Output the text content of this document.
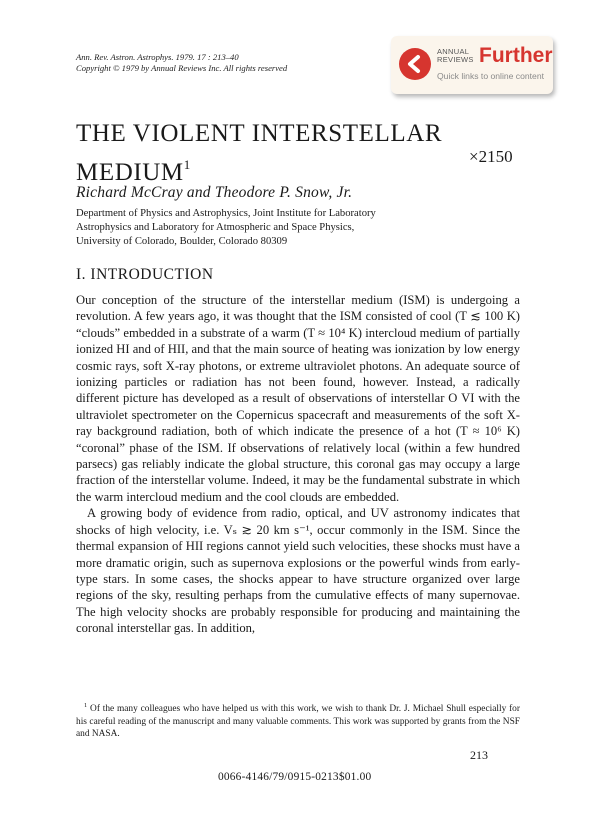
Ann. Rev. Astron. Astrophys. 1979. 17 : 213–40
Copyright © 1979 by Annual Reviews Inc. All rights reserved
ANNUAL
REVIEWS Further
Quick links to online content
THE VIOLENT INTERSTELLAR
$MEDIUM^1$	×2150
Richard McCray and Theodore P. Snow, Jr.
Department of Physics and Astrophysics, Joint Institute for Laboratory
Astrophysics and Laboratory for Atmospheric and Space Physics,
University of Colorado, Boulder, Colorado 80309
I. INTRODUCTION

Our conception of the structure of the interstellar medium (ISM) is undergoing a revolution. A few years ago, it was thought that the ISM consisted of cool (T ≲ 100 K) “clouds” embedded in a substrate of a warm (T ≈ 10⁴ K) intercloud medium of partially ionized HI and of HII, and that the main source of heating was ionization by low energy cosmic rays, soft X-ray photons, or extreme ultraviolet photons. An adequate source of ionizing particles or radiation has not been found, however. Instead, a radically different picture has developed as a result of observations of interstellar O VI with the ultraviolet spectrometer on the Copernicus spacecraft and measurements of the soft X-ray background radiation, both of which indicate the presence of a hot (T ≈ 10⁶ K) “coronal” phase of the ISM. If observations of relatively local (within a few hundred parsecs) gas reliably indicate the global structure, this coronal gas may occupy a large fraction of the interstellar volume. Indeed, it may be the fundamental substrate in which the warm intercloud medium and the cool clouds are embedded.

A growing body of evidence from radio, optical, and UV astronomy indicates that shocks of high velocity, i.e. Vₛ ≳ 20 km s⁻¹, occur commonly in the ISM. Since the thermal expansion of HII regions cannot yield such velocities, these shocks must have a more dramatic origin, such as supernova explosions or the powerful winds from early-type stars. In some cases, the shocks appear to have structure organized over large regions of the sky, resulting perhaps from the cumulative effects of many supernovae. The high velocity shocks are probably responsible for producing and maintaining the coronal interstellar gas. In addition,

$^1$ Of the many colleagues who have helped us with this work, we wish to thank Dr. J. Michael Shull especially for his careful reading of the manuscript and many valuable comments. This work was supported by grants from the NSF and NASA.
213
0066-4146/79/0915-0213$01.00
